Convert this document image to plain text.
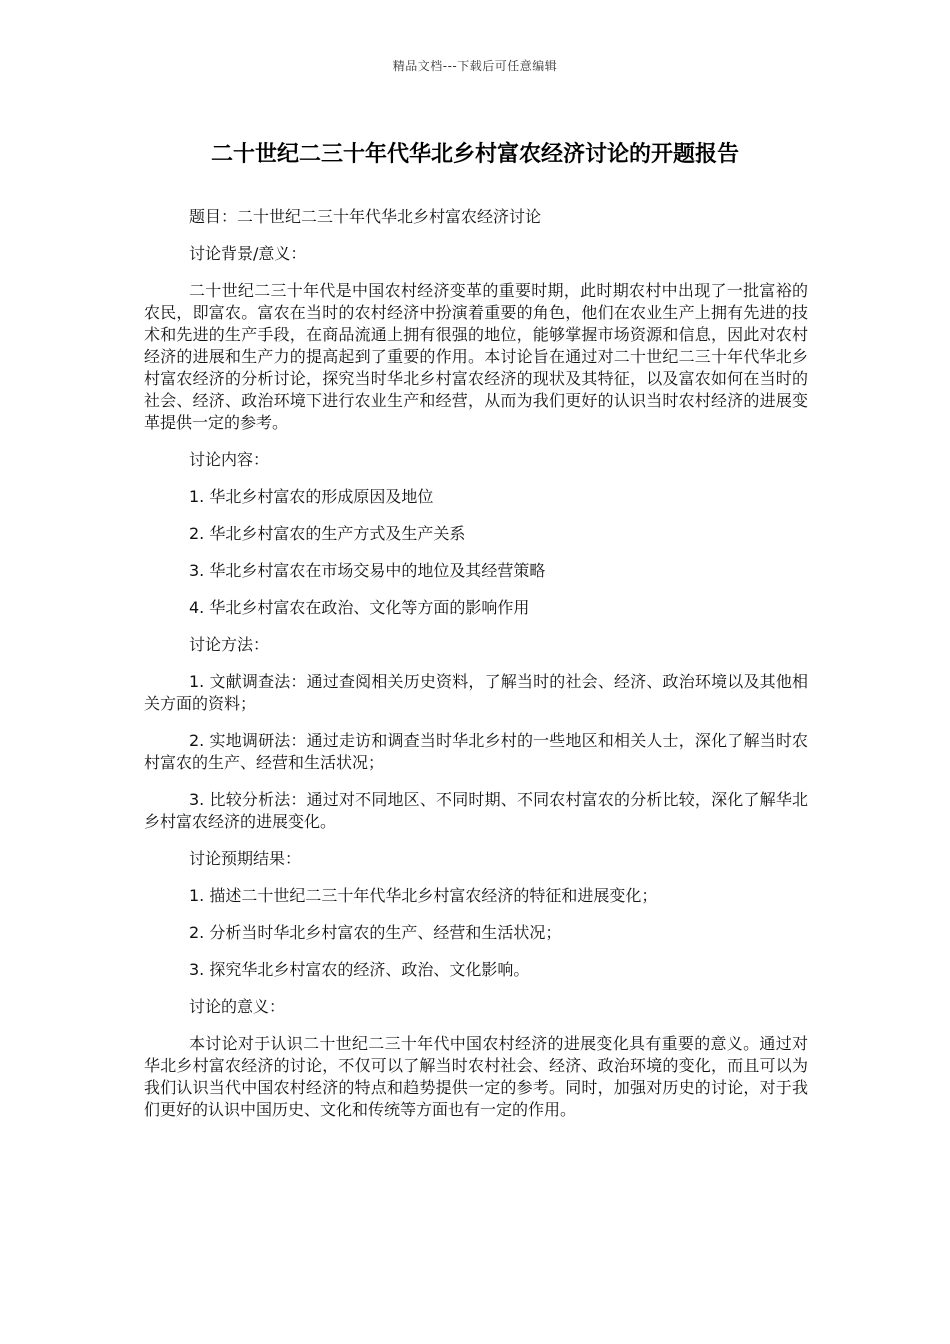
精品文档---下载后可任意编辑
二十世纪二三十年代华北乡村富农经济讨论的开题报告

题目：二十世纪二三十年代华北乡村富农经济讨论

讨论背景/意义：

二十世纪二三十年代是中国农村经济变革的重要时期，此时期农村中出现了一批富裕的农民，即富农。富农在当时的农村经济中扮演着重要的角色，他们在农业生产上拥有先进的技术和先进的生产手段，在商品流通上拥有很强的地位，能够掌握市场资源和信息，因此对农村经济的进展和生产力的提高起到了重要的作用。本讨论旨在通过对二十世纪二三十年代华北乡村富农经济的分析讨论，探究当时华北乡村富农经济的现状及其特征，以及富农如何在当时的社会、经济、政治环境下进行农业生产和经营，从而为我们更好的认识当时农村经济的进展变革提供一定的参考。

讨论内容：

1. 华北乡村富农的形成原因及地位

2. 华北乡村富农的生产方式及生产关系

3. 华北乡村富农在市场交易中的地位及其经营策略

4. 华北乡村富农在政治、文化等方面的影响作用

讨论方法：

1. 文献调查法：通过查阅相关历史资料，了解当时的社会、经济、政治环境以及其他相关方面的资料；

2. 实地调研法：通过走访和调查当时华北乡村的一些地区和相关人士，深化了解当时农村富农的生产、经营和生活状况；

3. 比较分析法：通过对不同地区、不同时期、不同农村富农的分析比较，深化了解华北乡村富农经济的进展变化。

讨论预期结果：

1. 描述二十世纪二三十年代华北乡村富农经济的特征和进展变化；

2. 分析当时华北乡村富农的生产、经营和生活状况；

3. 探究华北乡村富农的经济、政治、文化影响。

讨论的意义：

本讨论对于认识二十世纪二三十年代中国农村经济的进展变化具有重要的意义。通过对华北乡村富农经济的讨论，不仅可以了解当时农村社会、经济、政治环境的变化，而且可以为我们认识当代中国农村经济的特点和趋势提供一定的参考。同时，加强对历史的讨论，对于我们更好的认识中国历史、文化和传统等方面也有一定的作用。
